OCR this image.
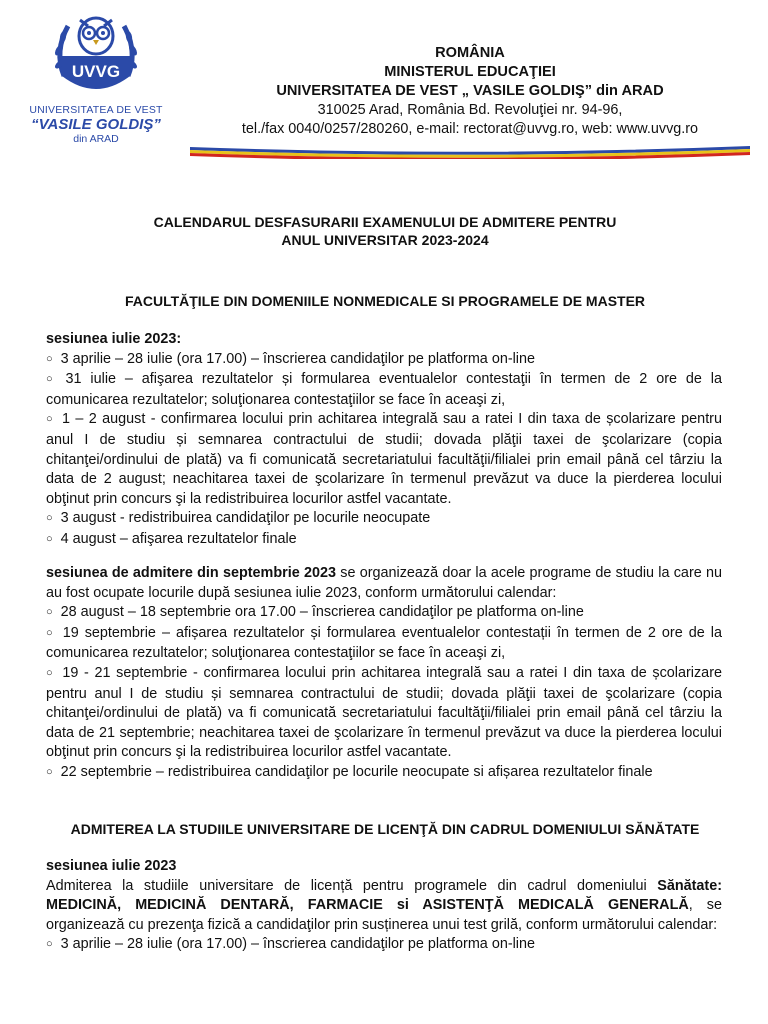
UVVG
UNIVERSITATEA DE VEST
“VASILE GOLDIŞ”
din ARAD
ROMÂNIA
MINISTERUL EDUCAŢIEI
UNIVERSITATEA DE VEST „ VASILE GOLDIŞ” din ARAD
310025 Arad, România Bd. Revoluţiei nr. 94-96,
tel./fax 0040/0257/280260, e-mail: rectorat@uvvg.ro, web: www.uvvg.ro
CALENDARUL DESFASURARII EXAMENULUI DE ADMITERE PENTRU
ANUL UNIVERSITAR 2023-2024
FACULTĂŢILE DIN DOMENIILE NONMEDICALE SI PROGRAMELE DE MASTER

sesiunea iulie 2023:

○ 3 aprilie – 28 iulie (ora 17.00) – înscrierea candidaţilor pe platforma on-line

○ 31 iulie – afişarea rezultatelor și formularea eventualelor contestaţii în termen de 2 ore de la comunicarea rezultatelor; soluţionarea contestaţiilor se face în aceaşi zi,

○ 1 – 2 august - confirmarea locului prin achitarea integrală sau a ratei I din taxa de școlarizare pentru anul I de studiu și semnarea contractului de studii; dovada plăţii taxei de şcolarizare (copia chitanţei/ordinului de plată) va fi comunicată secretariatului facultăţii/filialei prin email până cel târziu la data de 2 august; neachitarea taxei de şcolarizare în termenul prevăzut va duce la pierderea locului obţinut prin concurs şi la redistribuirea locurilor astfel vacantate.

○ 3 august - redistribuirea candidaţilor pe locurile neocupate

○ 4 august – afişarea rezultatelor finale

sesiunea de admitere din septembrie 2023 se organizează doar la acele programe de studiu la care nu au fost ocupate locurile după sesiunea iulie 2023, conform următorului calendar:

○ 28 august – 18 septembrie ora 17.00 – înscrierea candidaţilor pe platforma on-line

○ 19 septembrie – afișarea rezultatelor și formularea eventualelor contestații în termen de 2 ore de la comunicarea rezultatelor; soluţionarea contestaţiilor se face în aceaşi zi,

○ 19 - 21 septembrie - confirmarea locului prin achitarea integrală sau a ratei I din taxa de școlarizare pentru anul I de studiu și semnarea contractului de studii; dovada plăţii taxei de şcolarizare (copia chitanţei/ordinului de plată) va fi comunicată secretariatului facultăţii/filialei prin email până cel târziu la data de 21 septembrie; neachitarea taxei de şcolarizare în termenul prevăzut va duce la pierderea locului obţinut prin concurs şi la redistribuirea locurilor astfel vacantate.

○ 22 septembrie – redistribuirea candidaţilor pe locurile neocupate si afișarea rezultatelor finale

ADMITEREA LA STUDIILE UNIVERSITARE DE LICENŢĂ DIN CADRUL DOMENIULUI SĂNĂTATE

sesiunea iulie 2023

Admiterea la studiile universitare de licență pentru programele din cadrul domeniului Sănătate: MEDICINĂ, MEDICINĂ DENTARĂ, FARMACIE si ASISTENŢĂ MEDICALĂ GENERALĂ, se organizează cu prezenţa fizică a candidaţilor prin susținerea unui test grilă, conform următorului calendar:

○ 3 aprilie – 28 iulie (ora 17.00) – înscrierea candidaţilor pe platforma on-line
